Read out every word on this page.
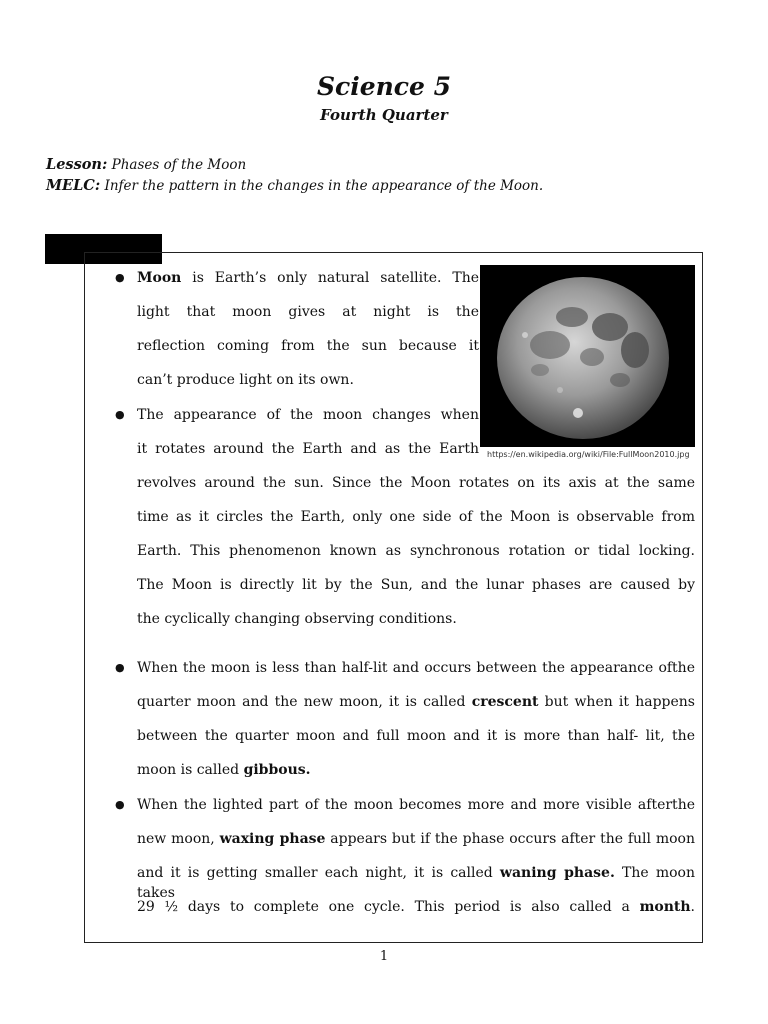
Science 5
Fourth Quarter
Lesson: Phases of the Moon
MELC: Infer the pattern in the changes in the appearance of the Moon.
https://en.wikipedia.org/wiki/File:FullMoon2010.jpg
● Moon is Earth’s only natural satellite. The
light that moon gives at night is the
reflection coming from the sun because it
can’t produce light on its own.
● The appearance of the moon changes when
it rotates around the Earth and as the Earth
revolves around the sun. Since the Moon rotates on its axis at the same
time as it circles the Earth, only one side of the Moon is observable from
Earth. This phenomenon known as synchronous rotation or tidal locking.
The Moon is directly lit by the Sun, and the lunar phases are caused by
the cyclically changing observing conditions.
● When the moon is less than half-lit and occurs between the appearance ofthe
quarter moon and the new moon, it is called crescent but when it happens
between the quarter moon and full moon and it is more than half- lit, the
moon is called gibbous.
● When the lighted part of the moon becomes more and more visible afterthe
new moon, waxing phase appears but if the phase occurs after the full moon
and it is getting smaller each night, it is called waning phase. The moon takes
29 ½ days to complete one cycle. This period is also called a month.
1
